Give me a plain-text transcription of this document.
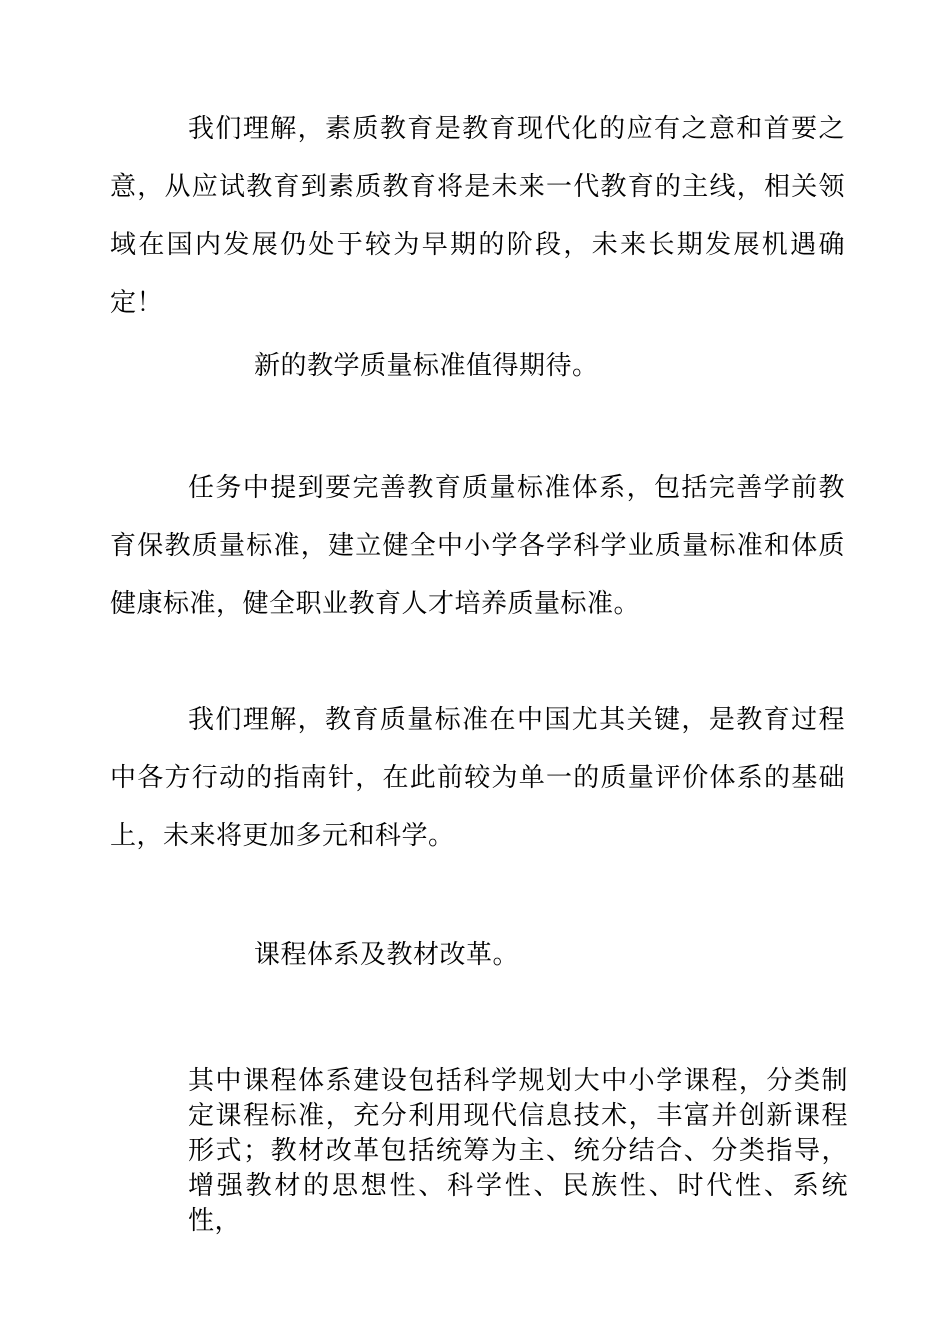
我们理解，素质教育是教育现代化的应有之意和首要之意，从应试教育到素质教育将是未来一代教育的主线，相关领域在国内发展仍处于较为早期的阶段，未来长期发展机遇确定！

新的教学质量标准值得期待。

任务中提到要完善教育质量标准体系，包括完善学前教育保教质量标准，建立健全中小学各学科学业质量标准和体质健康标准，健全职业教育人才培养质量标准。

我们理解，教育质量标准在中国尤其关键，是教育过程中各方行动的指南针，在此前较为单一的质量评价体系的基础上，未来将更加多元和科学。

课程体系及教材改革。

其中课程体系建设包括科学规划大中小学课程，分类制定课程标准，充分利用现代信息技术，丰富并创新课程形式；教材改革包括统筹为主、统分结合、分类指导，增强教材的思想性、科学性、民族性、时代性、系统性，
